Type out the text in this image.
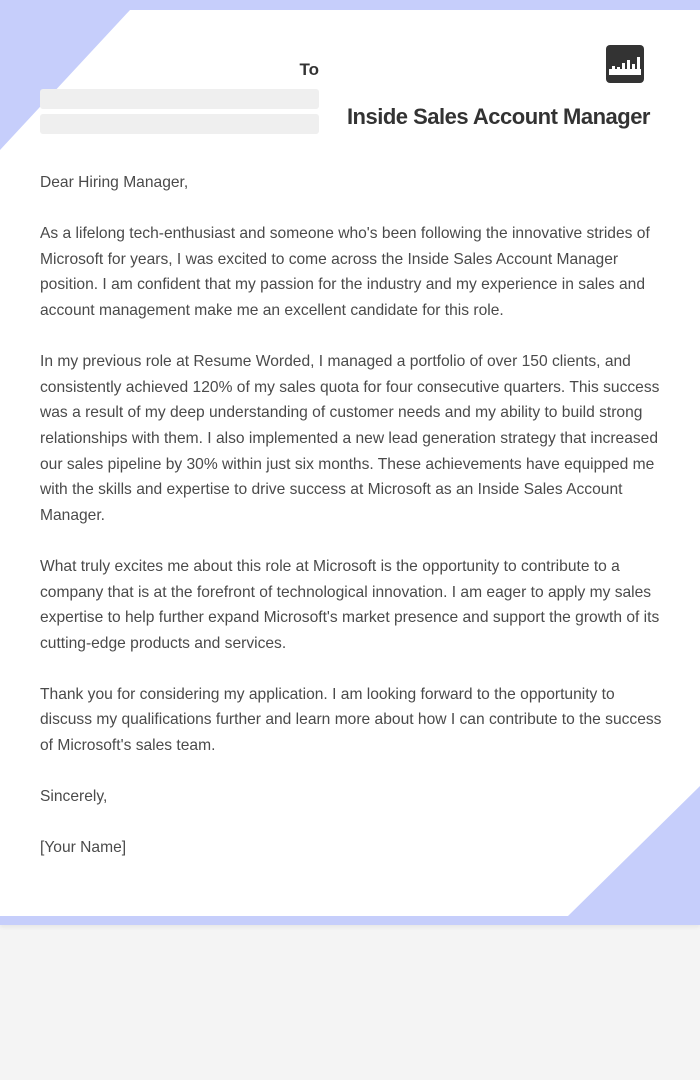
To
Inside Sales Account Manager

Dear Hiring Manager,

As a lifelong tech-enthusiast and someone who's been following the innovative strides of Microsoft for years, I was excited to come across the Inside Sales Account Manager position. I am confident that my passion for the industry and my experience in sales and account management make me an excellent candidate for this role.

In my previous role at Resume Worded, I managed a portfolio of over 150 clients, and consistently achieved 120% of my sales quota for four consecutive quarters. This success was a result of my deep understanding of customer needs and my ability to build strong relationships with them. I also implemented a new lead generation strategy that increased our sales pipeline by 30% within just six months. These achievements have equipped me with the skills and expertise to drive success at Microsoft as an Inside Sales Account Manager.

What truly excites me about this role at Microsoft is the opportunity to contribute to a company that is at the forefront of technological innovation. I am eager to apply my sales expertise to help further expand Microsoft's market presence and support the growth of its cutting-edge products and services.

Thank you for considering my application. I am looking forward to the opportunity to discuss my qualifications further and learn more about how I can contribute to the success of Microsoft's sales team.

Sincerely,

[Your Name]
